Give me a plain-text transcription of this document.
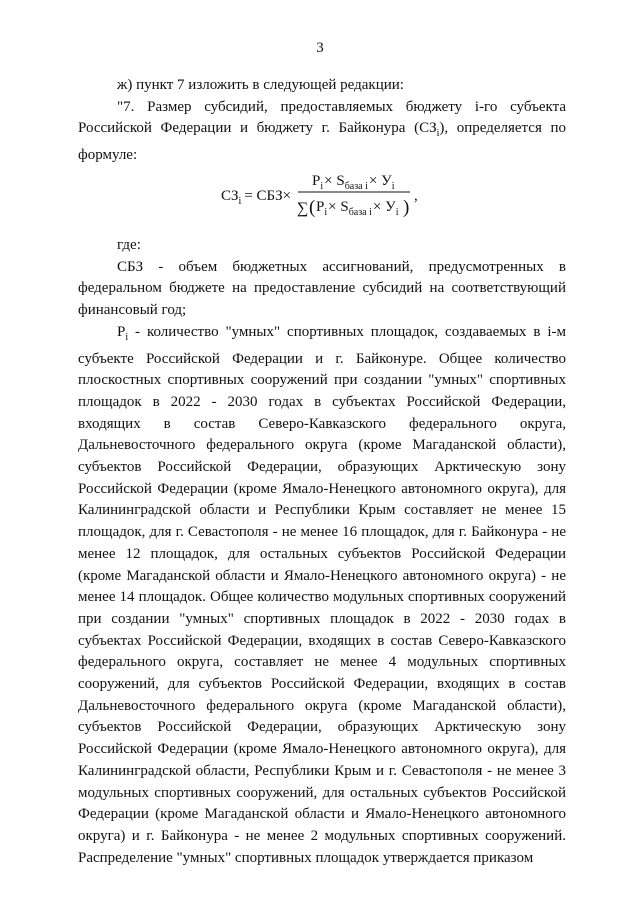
3

ж) пункт 7 изложить в следующей редакции:

"7. Размер субсидий, предоставляемых бюджету i-го субъекта Российской Федерации и бюджету г. Байконура $(СЗ_i)$, определяется по формуле:

$СЗ_i = СБЗ\times$
$P_i\times S_{база i}\times У_i$
∑ ( $P_i\times S_{база i}\times У_i$ )
,

где:

СБЗ - объем бюджетных ассигнований, предусмотренных в федеральном бюджете на предоставление субсидий на соответствующий финансовый год;

$P_i$ - количество "умных" спортивных площадок, создаваемых в i-м субъекте Российской Федерации и г. Байконуре. Общее количество плоскостных спортивных сооружений при создании "умных" спортивных площадок в 2022 - 2030 годах в субъектах Российской Федерации, входящих в состав Северо-Кавказского федерального округа, Дальневосточного федерального округа (кроме Магаданской области), субъектов Российской Федерации, образующих Арктическую зону Российской Федерации (кроме Ямало-Ненецкого автономного округа), для Калининградской области и Республики Крым составляет не менее 15 площадок, для г. Севастополя - не менее 16 площадок, для г. Байконура - не менее 12 площадок, для остальных субъектов Российской Федерации (кроме Магаданской области и Ямало-Ненецкого автономного округа) - не менее 14 площадок. Общее количество модульных спортивных сооружений при создании "умных" спортивных площадок в 2022 - 2030 годах в субъектах Российской Федерации, входящих в состав Северо-Кавказского федерального округа, составляет не менее 4 модульных спортивных сооружений, для субъектов Российской Федерации, входящих в состав Дальневосточного федерального округа (кроме Магаданской области), субъектов Российской Федерации, образующих Арктическую зону Российской Федерации (кроме Ямало-Ненецкого автономного округа), для Калининградской области, Республики Крым и г. Севастополя - не менее 3 модульных спортивных сооружений, для остальных субъектов Российской Федерации (кроме Магаданской области и Ямало-Ненецкого автономного округа) и г. Байконура - не менее 2 модульных спортивных сооружений. Распределение "умных" спортивных площадок утверждается приказом
